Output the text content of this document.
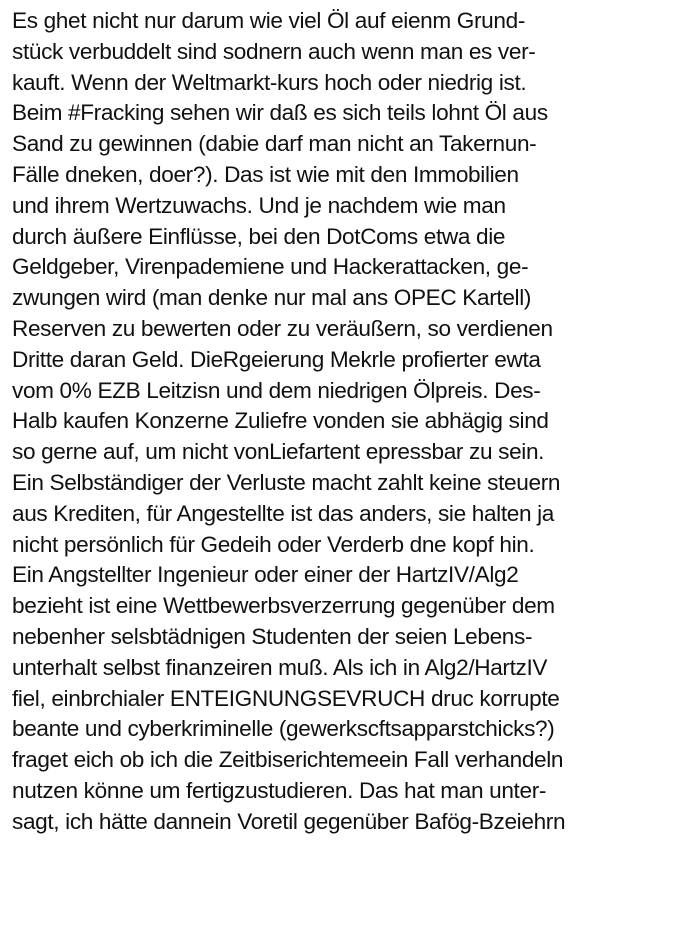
Es ghet nicht nur darum wie viel Öl auf eienm Grund-
stück verbuddelt sind sodnern auch wenn man es ver-
kauft. Wenn der Weltmarkt-kurs hoch oder niedrig ist.
Beim #Fracking sehen wir daß es sich teils lohnt Öl aus
Sand zu gewinnen (dabie darf man nicht an Takernun-
Fälle dneken, doer?). Das ist wie mit den Immobilien
und ihrem Wertzuwachs. Und je nachdem wie man
durch äußere Einflüsse, bei den DotComs etwa die
Geldgeber, Virenpademiene und Hackerattacken, ge-
zwungen wird (man denke nur mal ans OPEC Kartell)
Reserven zu bewerten oder zu veräußern, so verdienen
Dritte daran Geld. DieRgeierung Mekrle profierter ewta
vom 0% EZB Leitzisn und dem niedrigen Ölpreis. Des-
Halb kaufen Konzerne Zuliefre vonden sie abhägig sind
so gerne auf, um nicht vonLiefartent epressbar zu sein.
Ein Selbständiger der Verluste macht zahlt keine steuern
aus Krediten, für Angestellte ist das anders, sie halten ja
nicht persönlich für Gedeih oder Verderb dne kopf hin.
Ein Angstellter Ingenieur oder einer der HartzIV/Alg2
bezieht ist eine Wettbewerbsverzerrung gegenüber dem
nebenher selsbtädnigen Studenten der seien Lebens-
unterhalt selbst finanzeiren muß. Als ich in Alg2/HartzIV
fiel, einbrchialer ENTEIGNUNGSEVRUCH druc korrupte
beante und cyberkriminelle (gewerkscftsapparstchicks?)
fraget eich ob ich die Zeitbiserichtemeein Fall verhandeln
nutzen könne um fertigzustudieren. Das hat man unter-
sagt, ich hätte dannein Voretil gegenüber Bafög-Bzeiehrn
